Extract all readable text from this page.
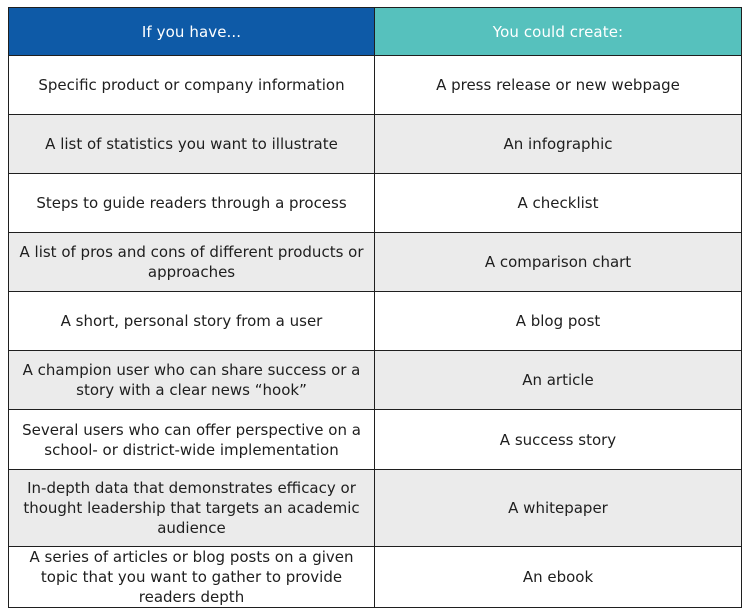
If you have...	You could create:
Specific product or company information	A press release or new webpage
A list of statistics you want to illustrate	An infographic
Steps to guide readers through a process	A checklist
A list of pros and cons of different products or approaches	A comparison chart
A short, personal story from a user	A blog post
A champion user who can share success or a story with a clear news “hook”	An article
Several users who can offer perspective on a school- or district-wide implementation	A success story
In-depth data that demonstrates efficacy or thought leadership that targets an academic audience	A whitepaper
A series of articles or blog posts on a given topic that you want to gather to provide readers depth	An ebook
